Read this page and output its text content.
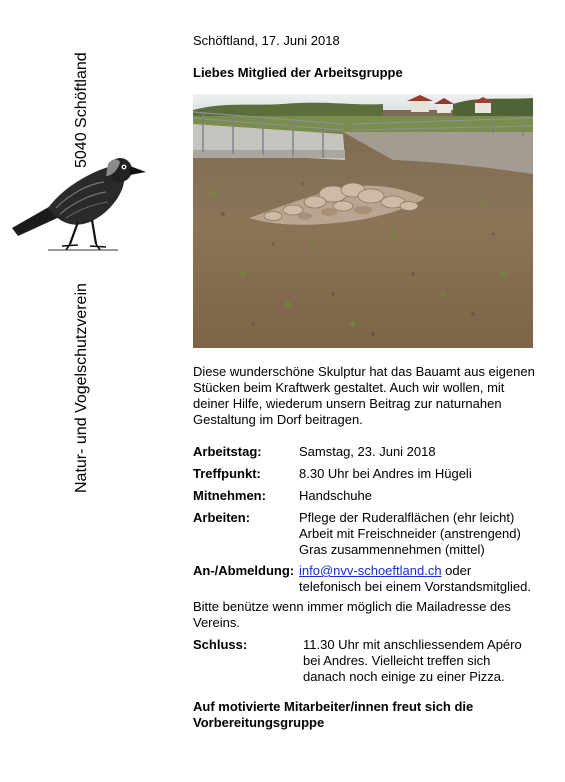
5040 Schöftland
Natur- und Vogelschutzverein
Schöftland, 17. Juni 2018
Liebes Mitglied der Arbeitsgruppe
Diese wunderschöne Skulptur hat das Bauamt aus eigenen
Stücken beim Kraftwerk gestaltet. Auch wir wollen, mit
deiner Hilfe, wiederum unsern Beitrag zur naturnahen
Gestaltung im Dorf beitragen.
Arbeitstag:	Samstag, 23. Juni 2018
Treffpunkt:	8.30 Uhr bei Andres im Hügeli
Mitnehmen:	Handschuhe
Arbeiten:	Pflege der Ruderalflächen (ehr leicht)
Arbeit mit Freischneider (anstrengend)
Gras zusammennehmen (mittel)
An-/Abmeldung: info@nvv-schoeftland.ch oder
telefonisch bei einem Vorstandsmitglied.
Bitte benütze wenn immer möglich die Mailadresse des
Vereins.
Schluss:	11.30 Uhr mit anschliessendem Apéro
bei Andres. Vielleicht treffen sich
danach noch einige zu einer Pizza.
Auf motivierte Mitarbeiter/innen freut sich die
Vorbereitungsgruppe
